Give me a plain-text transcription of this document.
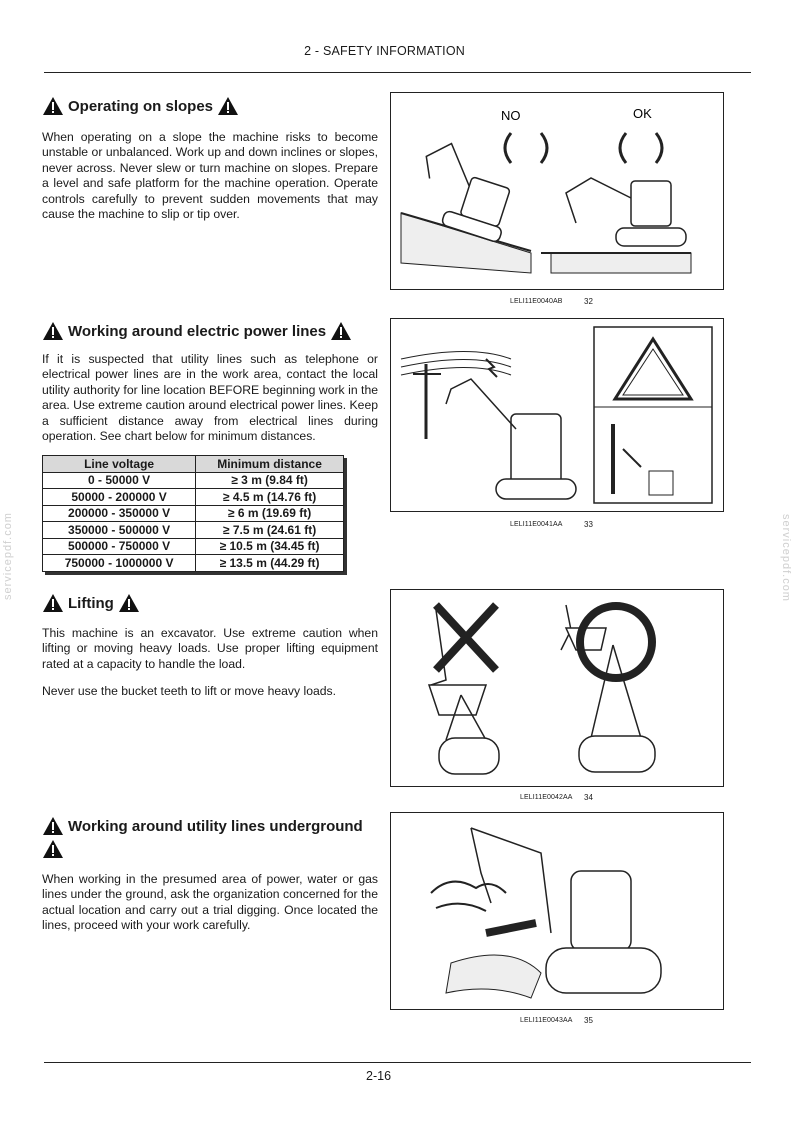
2 - SAFETY INFORMATION
servicepdf.com	servicepdf.com
Operating on slopes
When operating on a slope the machine risks to become unstable or unbalanced. Work up and down inclines or slopes, never across. Never slew or turn machine on slopes. Prepare a level and safe platform for the machine operation. Operate controls carefully to prevent sudden movements that may cause the machine to slip or tip over.
NO	OK
LELI11E0040AB	32
Working around electric power lines
If it is suspected that utility lines such as telephone or electrical power lines are in the work area, contact the local utility authority for line location BEFORE beginning work in the area. Use extreme caution around electrical power lines. Keep a sufficient distance away from electrical lines during operation. See chart below for minimum distances.
Line voltage	Minimum distance
0 - 50000 V	≥ 3 m (9.84 ft)
50000 - 200000 V	≥ 4.5 m (14.76 ft)
200000 - 350000 V	≥ 6 m (19.69 ft)
350000 - 500000 V	≥ 7.5 m (24.61 ft)
500000 - 750000 V	≥ 10.5 m (34.45 ft)
750000 - 1000000 V	≥ 13.5 m (44.29 ft)
LELI11E0041AA	33
Lifting
This machine is an excavator. Use extreme caution when lifting or moving heavy loads. Use proper lifting equipment rated at a capacity to handle the load.
Never use the bucket teeth to lift or move heavy loads.
LELI11E0042AA 34
Working around utility lines underground
When working in the presumed area of power, water or gas lines under the ground, ask the organization concerned for the actual location and carry out a trial digging. Once located the lines, proceed with your work carefully.
LELI11E0043AA 35
2-16
